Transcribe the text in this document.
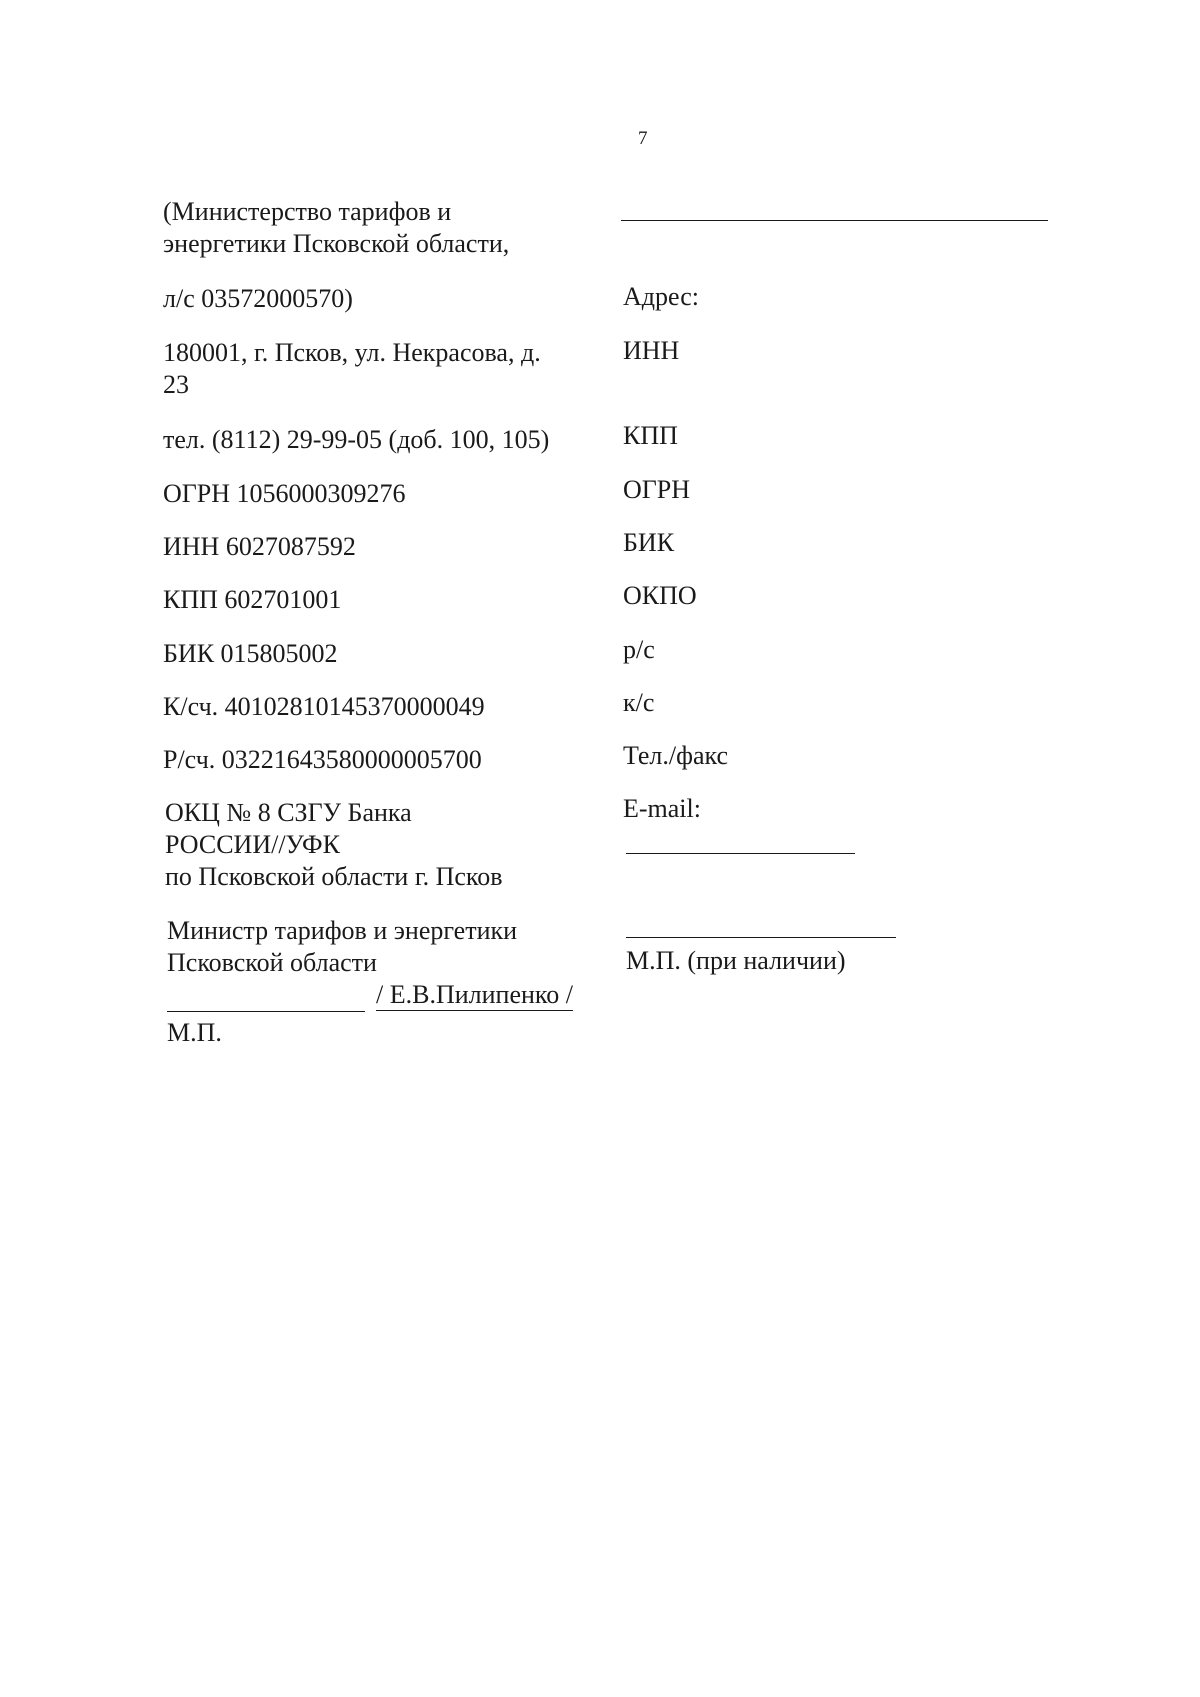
7
(Министерство тарифов и
энергетики Псковской области,
л/с 03572000570)
180001, г. Псков, ул. Некрасова, д.
23
тел. (8112) 29-99-05 (доб. 100, 105)
ОГРН 1056000309276
ИНН 6027087592
КПП 602701001
БИК 015805002
К/сч. 40102810145370000049
Р/сч. 03221643580000005700
ОКЦ № 8 СЗГУ Банка
РОССИИ//УФК
по Псковской области г. Псков
Министр тарифов и энергетики
Псковской области
/ Е.В.Пилипенко /
М.П.
Адрес:
ИНН
КПП
ОГРН
БИК
ОКПО
р/с
к/с
Тел./факс
E-mail:
М.П. (при наличии)
